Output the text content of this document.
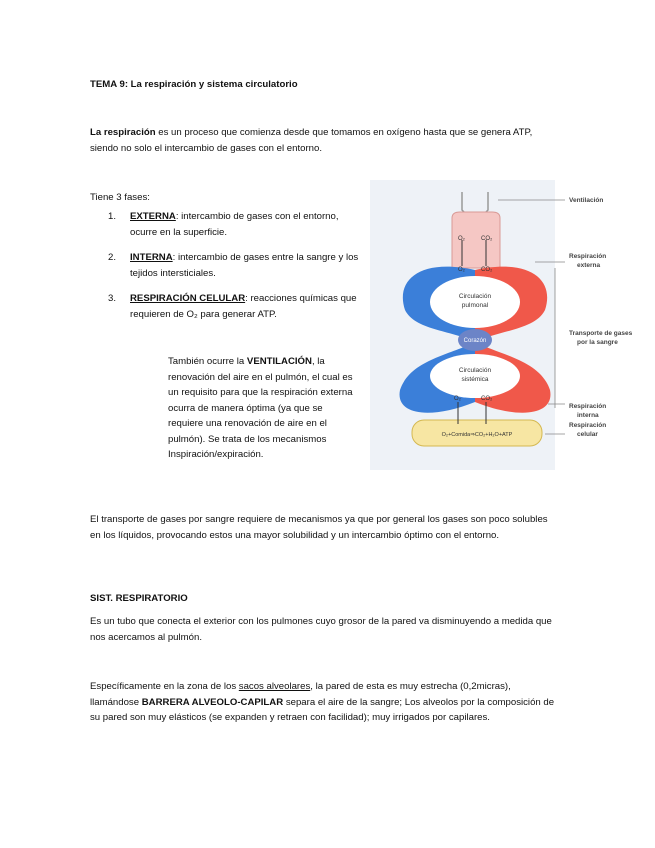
TEMA 9: La respiración y sistema circulatorio

La respiración es un proceso que comienza desde que tomamos en oxígeno hasta que se genera ATP, siendo no solo el intercambio de gases con el entorno.

Tiene 3 fases:

1. EXTERNA: intercambio de gases con el entorno, ocurre en la superficie.
2. INTERNA: intercambio de gases entre la sangre y los tejidos intersticiales.
3. RESPIRACIÓN CELULAR: reacciones químicas que requieren de O₂ para generar ATP.

También ocurre la VENTILACIÓN, la renovación del aire en el pulmón, el cual es un requisito para que la respiración externa ocurra de manera óptima (ya que se requiere una renovación de aire en el pulmón). Se trata de los mecanismos Inspiración/expiración.

O₂	CO₂
O₂	CO₂
Circulación
pulmonal
Corazón
Circulación
sistémica
O₂	CO₂
O₂+Comida⇒CO₂+H₂O+ATP
Ventilación
Respiración
externa
Transporte de gases
por la sangre
Respiración
interna
Respiración
celular

El transporte de gases por sangre requiere de mecanismos ya que por general los gases son poco solubles en los líquidos, provocando estos una mayor solubilidad y un intercambio óptimo con el entorno.

SIST. RESPIRATORIO

Es un tubo que conecta el exterior con los pulmones cuyo grosor de la pared va disminuyendo a medida que nos acercamos al pulmón.

Específicamente en la zona de los sacos alveolares, la pared de esta es muy estrecha (0,2micras), llamándose BARRERA ALVEOLO-CAPILAR separa el aire de la sangre; Los alveolos por la composición de su pared son muy elásticos (se expanden y retraen con facilidad); muy irrigados por capilares.
